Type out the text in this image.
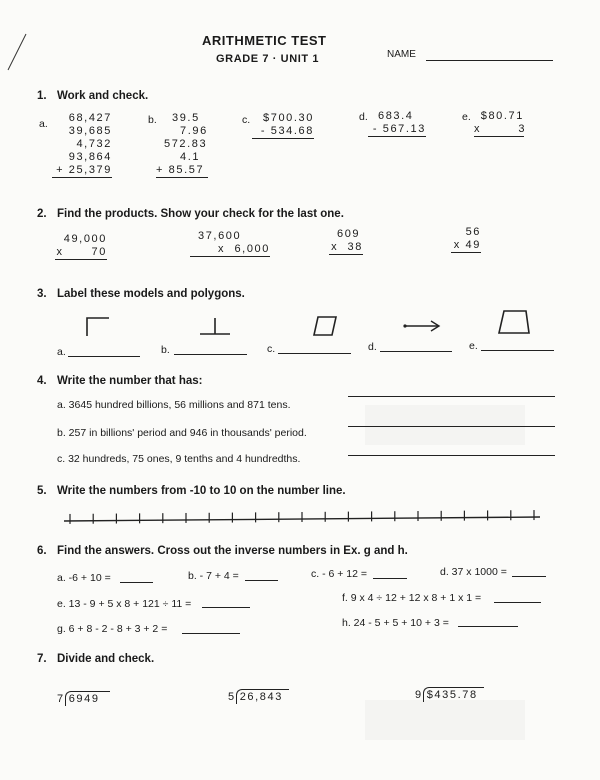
ARITHMETIC TEST
GRADE 7 · UNIT 1	NAME
1. Work and check.
a.	68,427
39,685
4,732
93,864
+ 25,379
b.	39.5
7.96
572.83
4.1
+ 85.57
c.	$700.30
- 534.68
d. 683.4
- 567.13
e. $80.71
x        3
2. Find the products. Show your check for the last one.
49,000
x      70
37,600
x  6,000
609
x  38
56
x 49
3. Label these models and polygons.
a.	b.	c.	d.	e.
4. Write the number that has:
a. 3645 hundred billions, 56 millions and 871 tens.
b. 257 in billions' period and 946 in thousands' period.
c. 32 hundreds, 75 ones, 9 tenths and 4 hundredths.
5. Write the numbers from -10 to 10 on the number line.
6. Find the answers. Cross out the inverse numbers in Ex. g and h.
a. -6 + 10 =	b. - 7 + 4 =	c. - 6 + 12 =	d. 37 x 1000 =
e. 13 - 9 + 5 x 8 + 121 ÷ 11 =	f. 9 x 4 ÷ 12 + 12 x 8 + 1 x 1 =
g. 6 + 8 - 2 - 8 + 3 + 2 =	h. 24 - 5 + 5 + 10 + 3 =
7. Divide and check.
7 6949	5 26,843	9 $435.78
